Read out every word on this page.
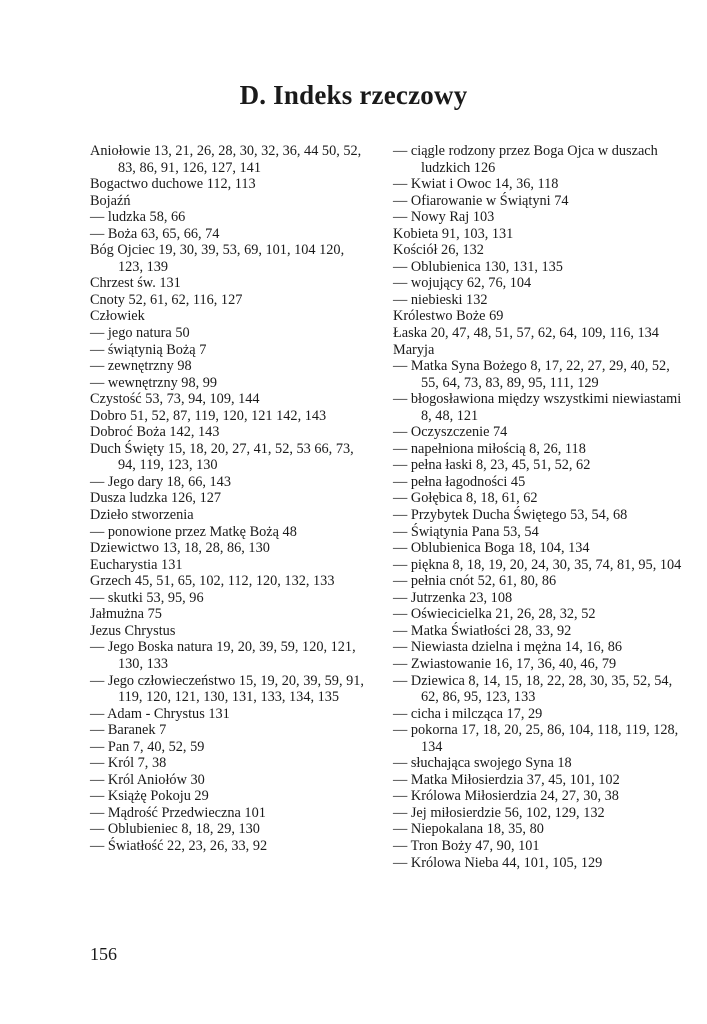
D. Indeks rzeczowy
Aniołowie 13, 21, 26, 28, 30, 32, 36, 44 50, 52, 83, 86, 91, 126, 127, 141
Bogactwo duchowe 112, 113
Bojaźń
— ludzka 58, 66
— Boża 63, 65, 66, 74
Bóg Ojciec 19, 30, 39, 53, 69, 101, 104 120, 123, 139
Chrzest św. 131
Cnoty 52, 61, 62, 116, 127
Człowiek
— jego natura 50
— świątynią Bożą 7
— zewnętrzny 98
— wewnętrzny 98, 99
Czystość 53, 73, 94, 109, 144
Dobro 51, 52, 87, 119, 120, 121 142, 143
Dobroć Boża 142, 143
Duch Święty 15, 18, 20, 27, 41, 52, 53 66, 73, 94, 119, 123, 130
— Jego dary 18, 66, 143
Dusza ludzka 126, 127
Dzieło stworzenia
— ponowione przez Matkę Bożą 48
Dziewictwo 13, 18, 28, 86, 130
Eucharystia 131
Grzech 45, 51, 65, 102, 112, 120, 132, 133
— skutki 53, 95, 96
Jałmużna 75
Jezus Chrystus
— Jego Boska natura 19, 20, 39, 59, 120, 121, 130, 133
— Jego człowieczeństwo 15, 19, 20, 39, 59, 91, 119, 120, 121, 130, 131, 133, 134, 135
— Adam - Chrystus 131
— Baranek 7
— Pan 7, 40, 52, 59
— Król 7, 38
— Król Aniołów 30
— Książę Pokoju 29
— Mądrość Przedwieczna 101
— Oblubieniec 8, 18, 29, 130
— Światłość 22, 23, 26, 33, 92
— ciągle rodzony przez Boga Ojca w duszach ludzkich 126
— Kwiat i Owoc 14, 36, 118
— Ofiarowanie w Świątyni 74
— Nowy Raj 103
Kobieta 91, 103, 131
Kościół 26, 132
— Oblubienica 130, 131, 135
— wojujący 62, 76, 104
— niebieski 132
Królestwo Boże 69
Łaska 20, 47, 48, 51, 57, 62, 64, 109, 116, 134
Maryja
— Matka Syna Bożego 8, 17, 22, 27, 29, 40, 52, 55, 64, 73, 83, 89, 95, 111, 129
— błogosławiona między wszystkimi niewiastami 8, 48, 121
— Oczyszczenie 74
— napełniona miłością 8, 26, 118
— pełna łaski 8, 23, 45, 51, 52, 62
— pełna łagodności 45
— Gołębica 8, 18, 61, 62
— Przybytek Ducha Świętego 53, 54, 68
— Świątynia Pana 53, 54
— Oblubienica Boga 18, 104, 134
— piękna 8, 18, 19, 20, 24, 30, 35, 74, 81, 95, 104
— pełnia cnót 52, 61, 80, 86
— Jutrzenka 23, 108
— Oświecicielka 21, 26, 28, 32, 52
— Matka Światłości 28, 33, 92
— Niewiasta dzielna i mężna 14, 16, 86
— Zwiastowanie 16, 17, 36, 40, 46, 79
— Dziewica 8, 14, 15, 18, 22, 28, 30, 35, 52, 54, 62, 86, 95, 123, 133
— cicha i milcząca 17, 29
— pokorna 17, 18, 20, 25, 86, 104, 118, 119, 128, 134
— słuchająca swojego Syna 18
— Matka Miłosierdzia 37, 45, 101, 102
— Królowa Miłosierdzia 24, 27, 30, 38
— Jej miłosierdzie 56, 102, 129, 132
— Niepokalana 18, 35, 80
— Tron Boży 47, 90, 101
— Królowa Nieba 44, 101, 105, 129
156
